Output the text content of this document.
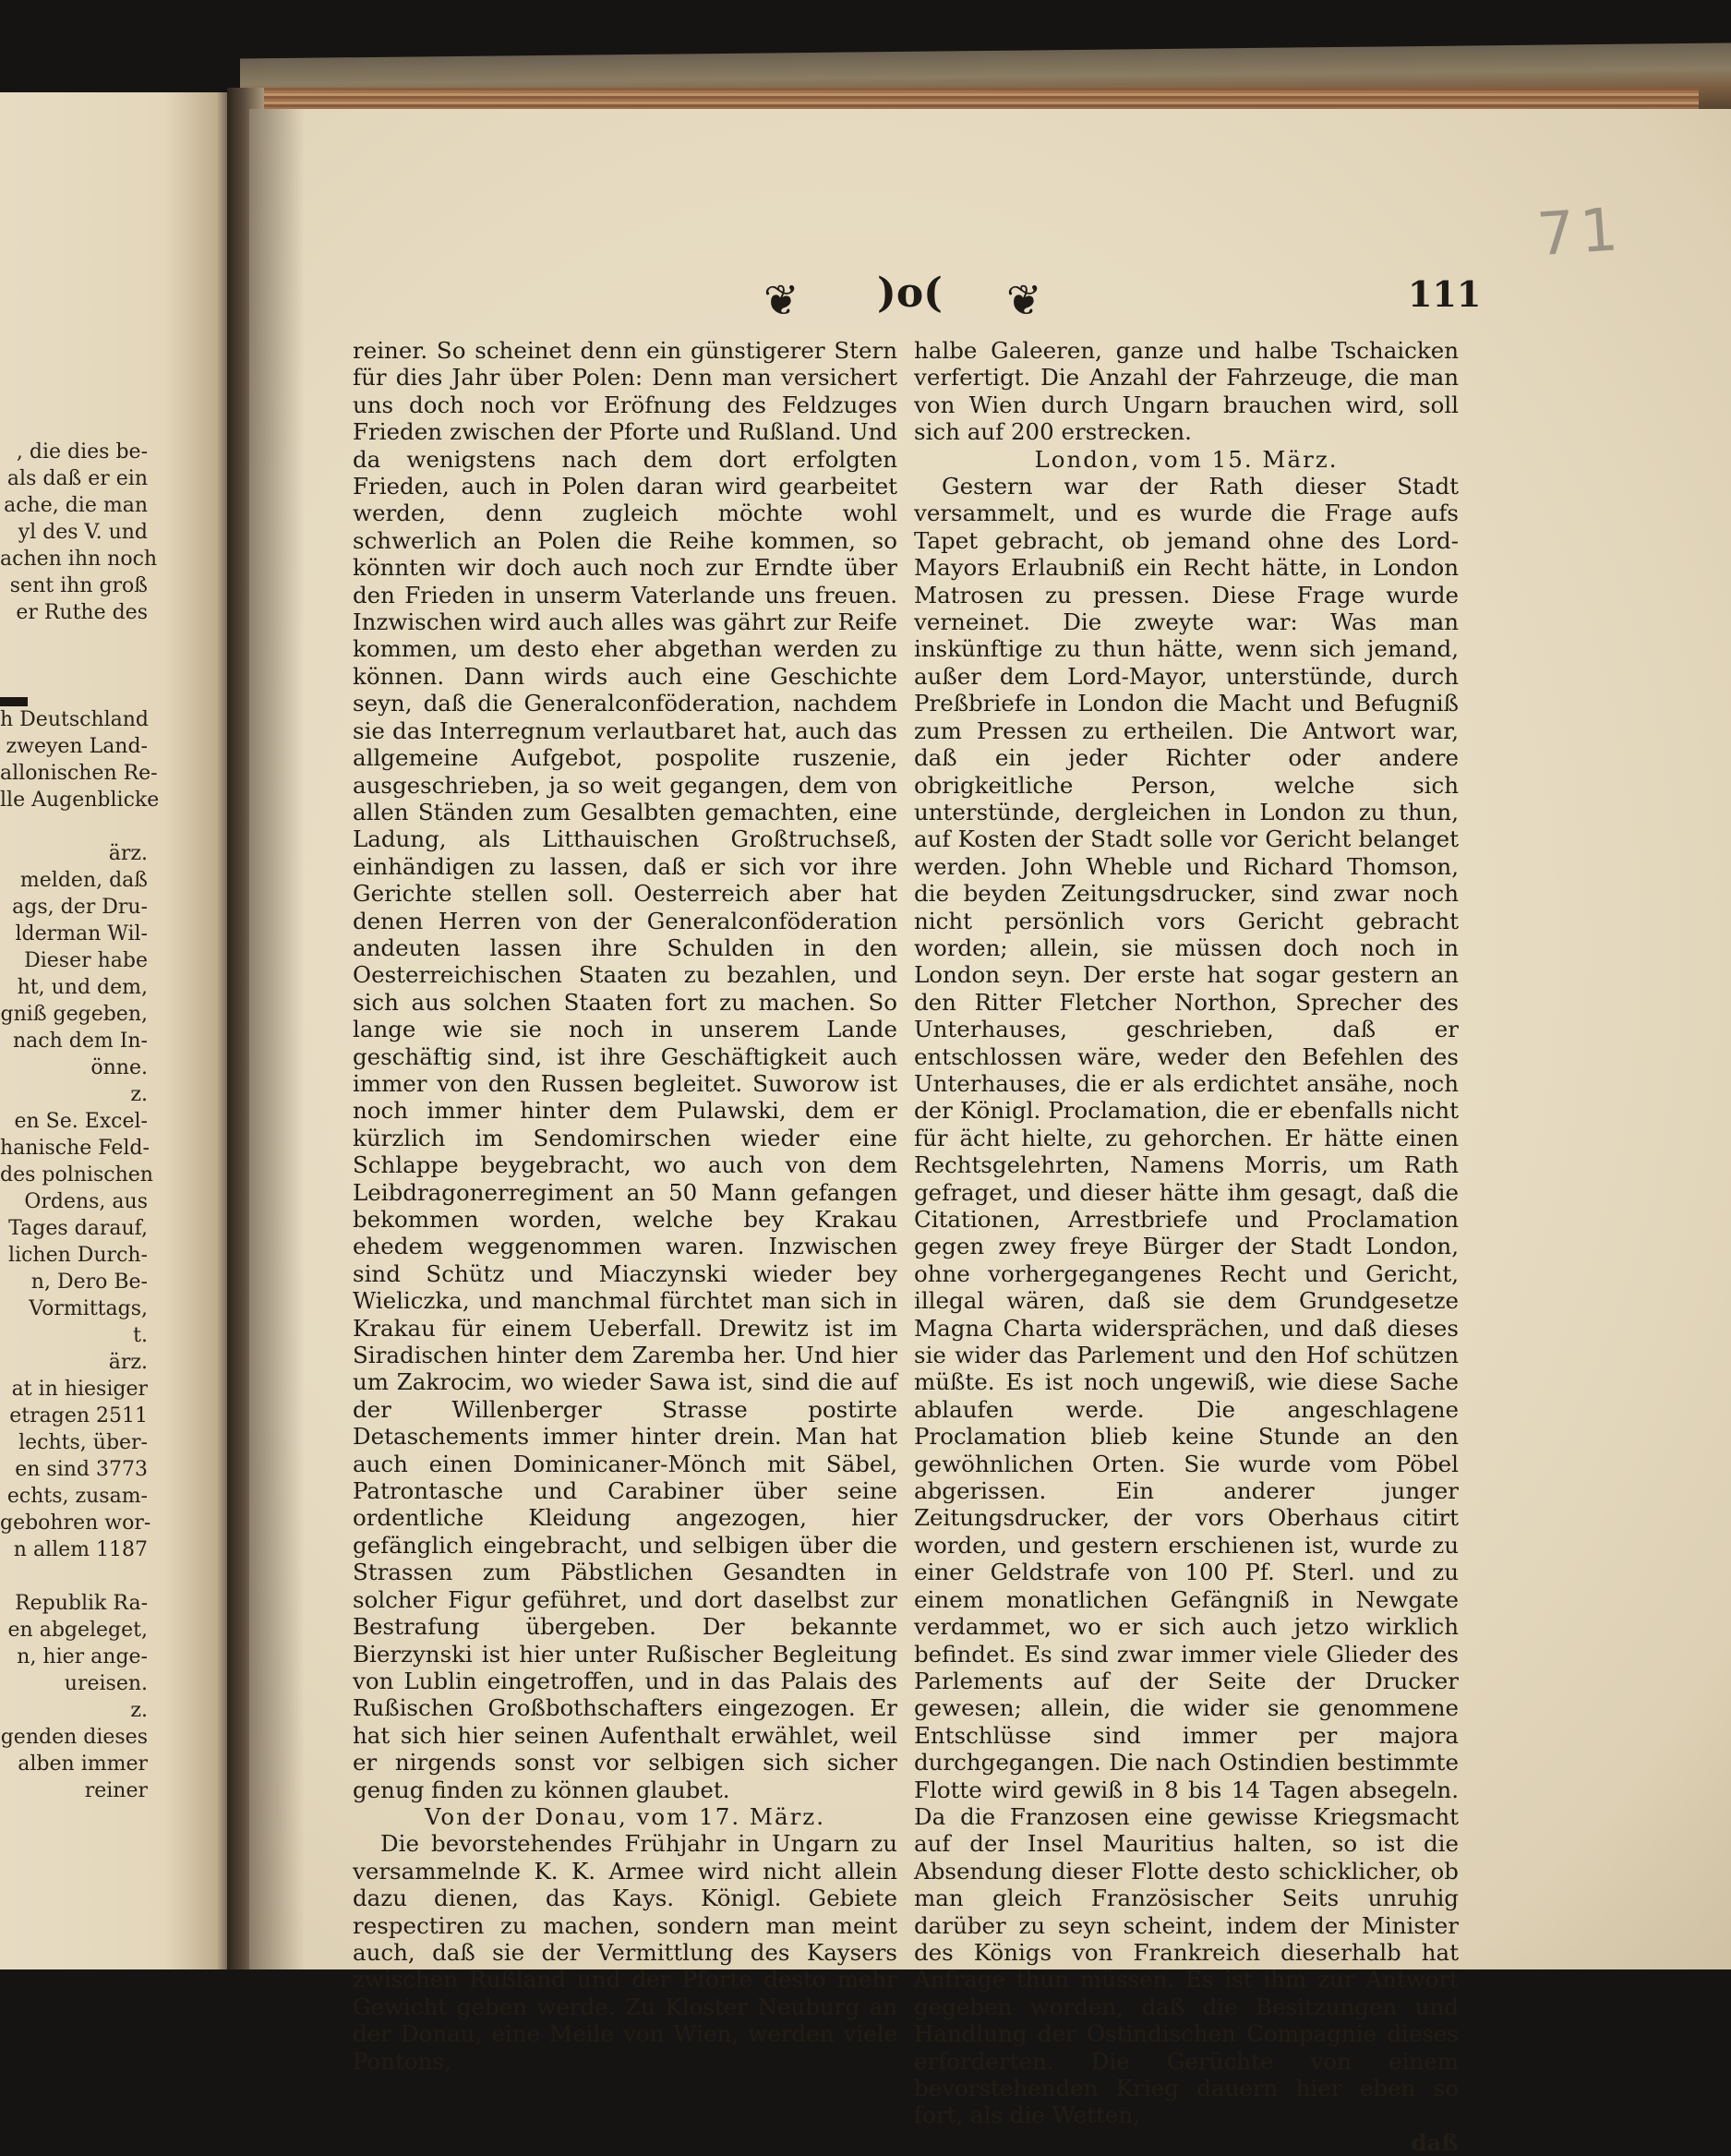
, die dies be-
als daß er ein
ache, die man
yl des V. und
achen ihn noch
sent ihn groß
er Ruthe des
h Deutschland
zweyen Land-
allonischen Re-
lle Augenblicke
ärz.
melden, daß
ags, der Dru-
lderman Wil-
Dieser habe
ht, und dem,
gniß gegeben,
nach dem In-
önne.
z.
en Se. Excel-
hanische Feld-
des polnischen
Ordens, aus
Tages darauf,
lichen Durch-
n, Dero Be-
Vormittags,
t.
ärz.
at in hiesiger
etragen 2511
lechts, über-
en sind 3773
echts, zusam-
gebohren wor-
n allem 1187
Republik Ra-
en abgeleget,
n, hier ange-
ureisen.
z.
genden dieses
alben immer
reiner
71
❦ )o( ❦	111

reiner. So scheinet denn ein günstigerer Stern für dies Jahr über Polen: Denn man versichert uns doch noch vor Eröfnung des Feldzuges Frieden zwischen der Pforte und Rußland. Und da wenigstens nach dem dort erfolgten Frieden, auch in Polen daran wird gearbeitet werden, denn zugleich möchte wohl schwerlich an Polen die Reihe kommen, so könnten wir doch auch noch zur Erndte über den Frieden in unserm Vaterlande uns freuen. Inzwischen wird auch alles was gährt zur Reife kommen, um desto eher abgethan werden zu können. Dann wirds auch eine Geschichte seyn, daß die Generalconföderation, nachdem sie das Interregnum verlautbaret hat, auch das allgemeine Aufgebot, pospolite ruszenie, ausgeschrieben, ja so weit gegangen, dem von allen Ständen zum Gesalbten gemachten, eine Ladung, als Litthauischen Großtruchseß, einhändigen zu lassen, daß er sich vor ihre Gerichte stellen soll. Oesterreich aber hat denen Herren von der Generalconföderation andeuten lassen ihre Schulden in den Oesterreichischen Staaten zu bezahlen, und sich aus solchen Staaten fort zu machen. So lange wie sie noch in unserem Lande geschäftig sind, ist ihre Geschäftigkeit auch immer von den Russen begleitet. Suworow ist noch immer hinter dem Pulawski, dem er kürzlich im Sendomirschen wieder eine Schlappe beygebracht, wo auch von dem Leibdragonerregiment an 50 Mann gefangen bekommen worden, welche bey Krakau ehedem weggenommen waren. Inzwischen sind Schütz und Miaczynski wieder bey Wieliczka, und manchmal fürchtet man sich in Krakau für einem Ueberfall. Drewitz ist im Siradischen hinter dem Zaremba her. Und hier um Zakrocim, wo wieder Sawa ist, sind die auf der Willenberger Strasse postirte Detaschements immer hinter drein. Man hat auch einen Dominicaner-Mönch mit Säbel, Patrontasche und Carabiner über seine ordentliche Kleidung angezogen, hier gefänglich eingebracht, und selbigen über die Strassen zum Päbstlichen Gesandten in solcher Figur geführet, und dort daselbst zur Bestrafung übergeben. Der bekannte Bierzynski ist hier unter Rußischer Begleitung von Lublin eingetroffen, und in das Palais des Rußischen Großbothschafters eingezogen. Er hat sich hier seinen Aufenthalt erwählet, weil er nirgends sonst vor selbigen sich sicher genug finden zu können glaubet.

Von der Donau, vom 17. März.

Die bevorstehendes Frühjahr in Ungarn zu versammelnde K. K. Armee wird nicht allein dazu dienen, das Kays. Königl. Gebiete respectiren zu machen, sondern man meint auch, daß sie der Vermittlung des Kaysers zwischen Rußland und der Pforte desto mehr Gewicht geben werde. Zu Kloster Neuburg an der Donau, eine Meile von Wien, werden viele Pontons,

halbe Galeeren, ganze und halbe Tschaicken verfertigt. Die Anzahl der Fahrzeuge, die man von Wien durch Ungarn brauchen wird, soll sich auf 200 erstrecken.

London, vom 15. März.

Gestern war der Rath dieser Stadt versammelt, und es wurde die Frage aufs Tapet gebracht, ob jemand ohne des Lord-Mayors Erlaubniß ein Recht hätte, in London Matrosen zu pressen. Diese Frage wurde verneinet. Die zweyte war: Was man inskünftige zu thun hätte, wenn sich jemand, außer dem Lord-Mayor, unterstünde, durch Preßbriefe in London die Macht und Befugniß zum Pressen zu ertheilen. Die Antwort war, daß ein jeder Richter oder andere obrigkeitliche Person, welche sich unterstünde, dergleichen in London zu thun, auf Kosten der Stadt solle vor Gericht belanget werden. John Wheble und Richard Thomson, die beyden Zeitungsdrucker, sind zwar noch nicht persönlich vors Gericht gebracht worden; allein, sie müssen doch noch in London seyn. Der erste hat sogar gestern an den Ritter Fletcher Northon, Sprecher des Unterhauses, geschrieben, daß er entschlossen wäre, weder den Befehlen des Unterhauses, die er als erdichtet ansähe, noch der Königl. Proclamation, die er ebenfalls nicht für ächt hielte, zu gehorchen. Er hätte einen Rechtsgelehrten, Namens Morris, um Rath gefraget, und dieser hätte ihm gesagt, daß die Citationen, Arrestbriefe und Proclamation gegen zwey freye Bürger der Stadt London, ohne vorhergegangenes Recht und Gericht, illegal wären, daß sie dem Grundgesetze Magna Charta widersprächen, und daß dieses sie wider das Parlement und den Hof schützen müßte. Es ist noch ungewiß, wie diese Sache ablaufen werde. Die angeschlagene Proclamation blieb keine Stunde an den gewöhnlichen Orten. Sie wurde vom Pöbel abgerissen. Ein anderer junger Zeitungsdrucker, der vors Oberhaus citirt worden, und gestern erschienen ist, wurde zu einer Geldstrafe von 100 Pf. Sterl. und zu einem monatlichen Gefängniß in Newgate verdammet, wo er sich auch jetzo wirklich befindet. Es sind zwar immer viele Glieder des Parlements auf der Seite der Drucker gewesen; allein, die wider sie genommene Entschlüsse sind immer per majora durchgegangen. Die nach Ostindien bestimmte Flotte wird gewiß in 8 bis 14 Tagen absegeln. Da die Franzosen eine gewisse Kriegsmacht auf der Insel Mauritius halten, so ist die Absendung dieser Flotte desto schicklicher, ob man gleich Französischer Seits unruhig darüber zu seyn scheint, indem der Minister des Königs von Frankreich dieserhalb hat Anfrage thun müssen. Es ist ihm zur Antwort gegeben worden, daß die Besitzungen und Handlung der Ostindischen Compagnie dieses erforderten. Die Gerüchte von einem bevorstehenden Krieg dauern hier eben so fort, als die Wetten,

daß
